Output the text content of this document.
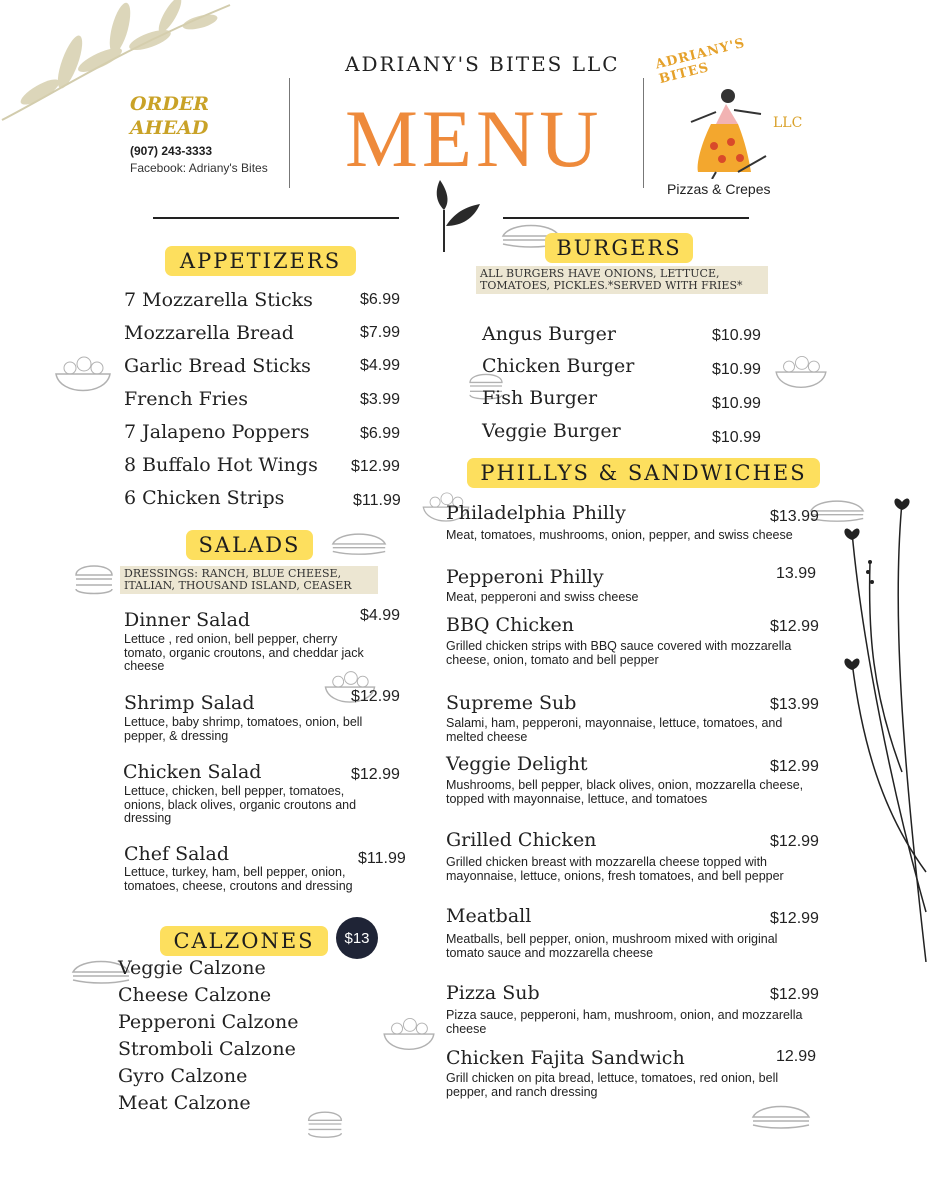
ORDER
AHEAD
(907) 243-3333
Facebook: Adriany's Bites
ADRIANY'S BITES LLC
MENU
ADRIANY'S BITES
LLC
Pizzas & Crepes
APPETIZERS
7 Mozzarella Sticks	$6.99
Mozzarella Bread	$7.99
Garlic Bread Sticks	$4.99
French Fries	$3.99
7 Jalapeno Poppers	$6.99
8 Buffalo Hot Wings $12.99
6 Chicken Strips	$11.99
SALADS
DRESSINGS: RANCH, BLUE CHEESE, ITALIAN, THOUSAND ISLAND, CEASER
Dinner Salad	$4.99
Lettuce , red onion, bell pepper, cherry tomato, organic croutons, and cheddar jack cheese
Shrimp Salad	$12.99
Lettuce, baby shrimp, tomatoes, onion, bell pepper, & dressing
Chicken Salad	$12.99
Lettuce, chicken, bell pepper, tomatoes, onions, black olives, organic croutons and dressing
Chef Salad	$11.99
Lettuce, turkey, ham, bell pepper, onion, tomatoes, cheese, croutons and dressing
CALZONES	$13
Veggie Calzone
Cheese Calzone
Pepperoni Calzone
Stromboli Calzone
Gyro Calzone
Meat Calzone
BURGERS
ALL BURGERS HAVE ONIONS, LETTUCE, TOMATOES, PICKLES.*SERVED WITH FRIES*
Angus Burger	$10.99
Chicken Burger	$10.99
Fish Burger	$10.99
Veggie Burger	$10.99
PHILLYS & SANDWICHES
Philadelphia Philly	$13.99
Meat, tomatoes, mushrooms, onion, pepper, and swiss cheese
Pepperoni Philly	13.99
Meat, pepperoni and swiss cheese
BBQ Chicken	$12.99
Grilled chicken strips with BBQ sauce covered with mozzarella cheese, onion, tomato and bell pepper
Supreme Sub	$13.99
Salami, ham, pepperoni, mayonnaise, lettuce, tomatoes, and melted cheese
Veggie Delight	$12.99
Mushrooms, bell pepper, black olives, onion, mozzarella cheese, topped with mayonnaise, lettuce, and tomatoes
Grilled Chicken	$12.99
Grilled chicken breast with mozzarella cheese topped with mayonnaise, lettuce, onions, fresh tomatoes, and bell pepper
Meatball	$12.99
Meatballs, bell pepper, onion, mushroom mixed with original tomato sauce and mozzarella cheese
Pizza Sub	$12.99
Pizza sauce, pepperoni, ham, mushroom, onion, and mozzarella cheese
Chicken Fajita Sandwich	12.99
Grill chicken on pita bread, lettuce, tomatoes, red onion, bell pepper, and ranch dressing
